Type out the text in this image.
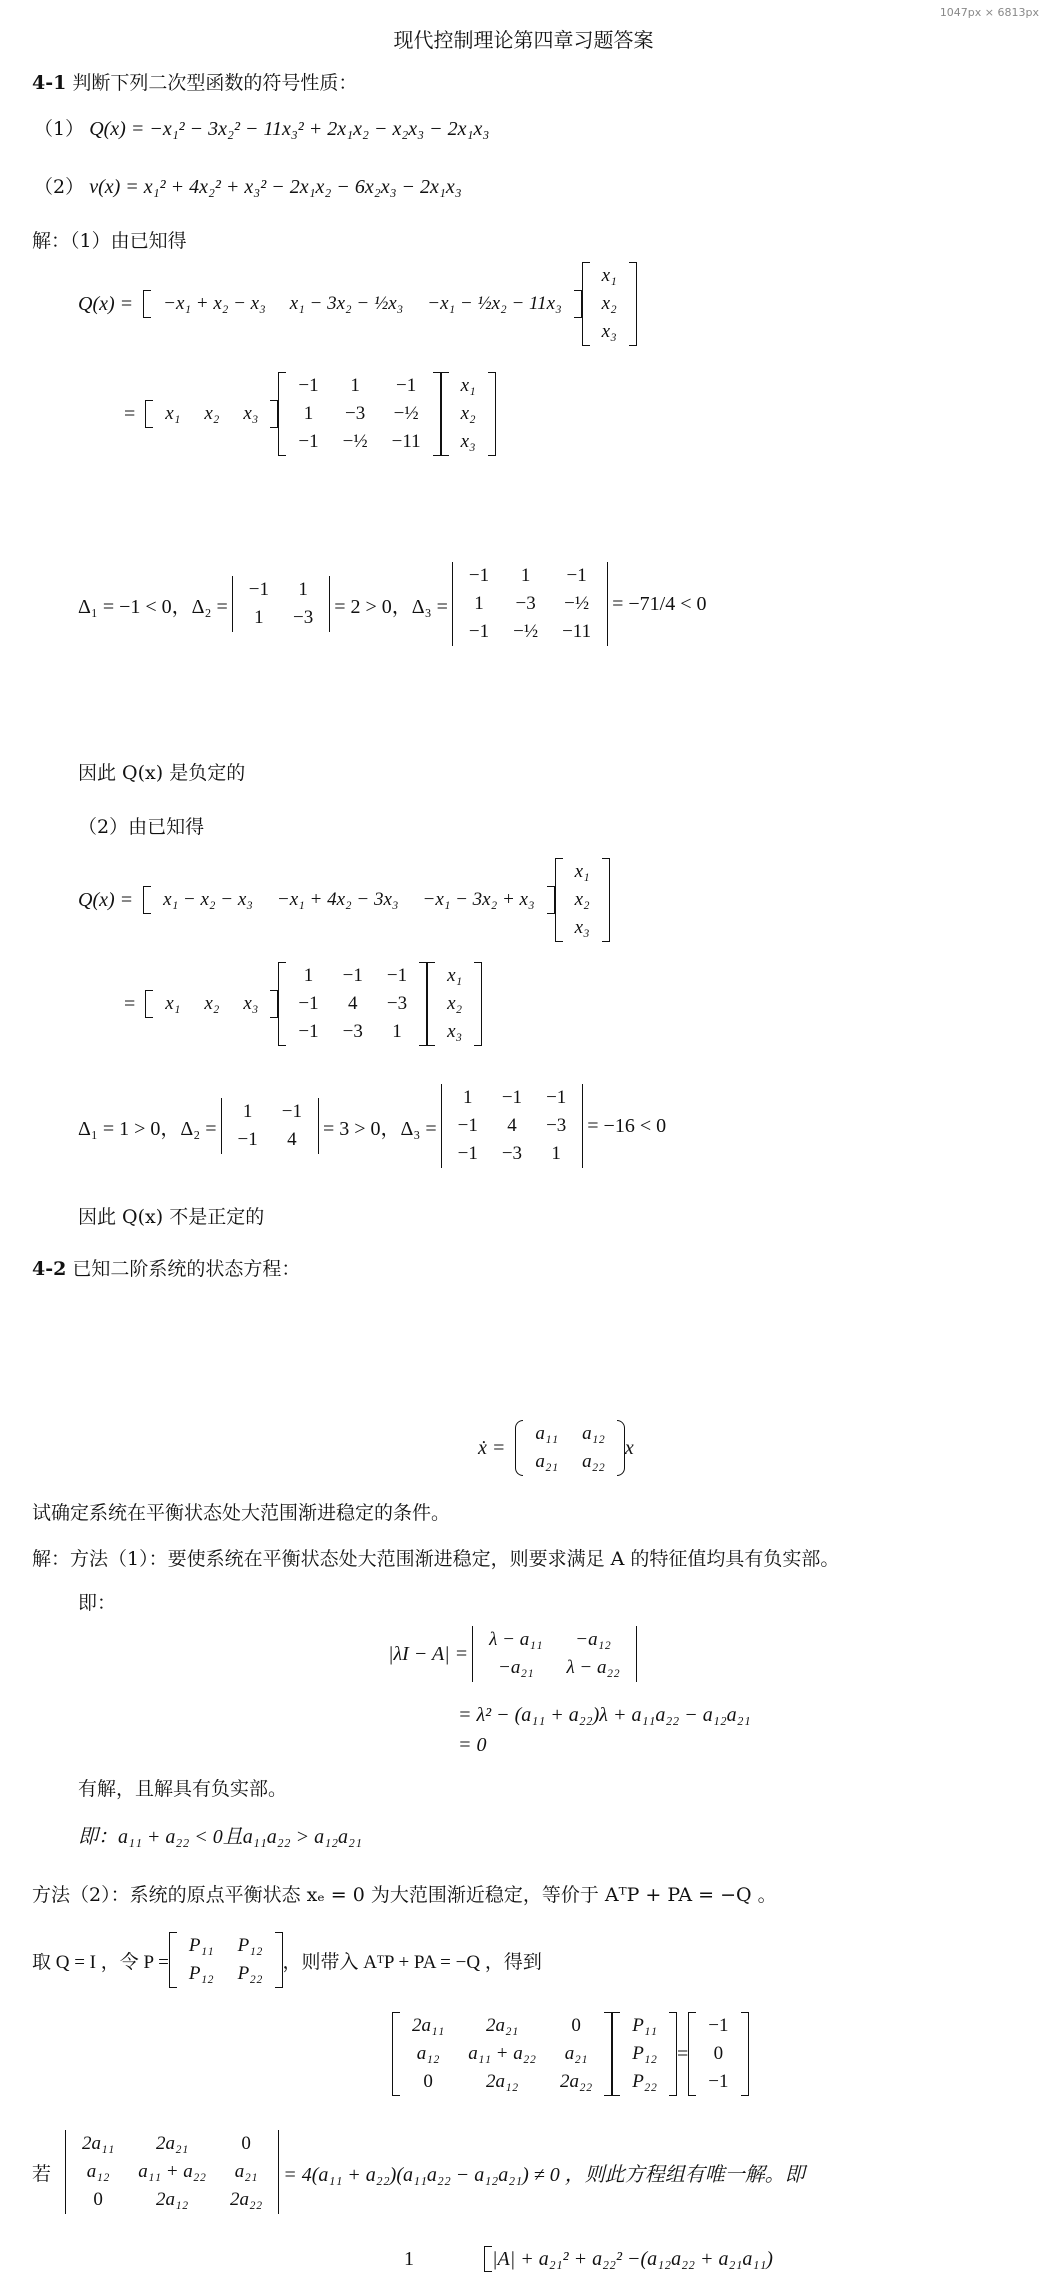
1047px × 6813px
现代控制理论第四章习题答案
4-1 判断下列二次型函数的符号性质：
（1） Q(x) = −x₁² − 3x₂² − 11x₃² + 2x₁x₂ − x₂x₃ − 2x₁x₃
（2） v(x) = x₁² + 4x₂² + x₃² − 2x₁x₂ − 6x₂x₃ − 2x₁x₃
解：（1）由已知得
Q(x) = −x₁ + x₂ − x₃	x₁ − 3x₂ − ½x₃	−x₁ − ½x₂ − 11x₃
x₁
x₂
x₃
= x₁	x₂	x₃
−1	1	−1
1	−3	−½
−1	−½	−11
x₁
x₂
x₃
Δ₁ = −1 < 0，Δ₂ =
−1	1
1	−3 = 2 > 0，Δ₃ =
−1	1	−1
1	−3	−½
−1	−½	−11
= −71/4 < 0
因此 Q(x) 是负定的
（2）由已知得
Q(x) = x₁ − x₂ − x₃	−x₁ + 4x₂ − 3x₃	−x₁ − 3x₂ + x₃
x₁
x₂
x₃
= x₁	x₂	x₃
1	−1	−1
−1	4	−3
−1	−3	1
x₁
x₂
x₃
Δ₁ = 1 > 0，Δ₂ =
1	−1
−1	4 = 3 > 0，Δ₃ =
1	−1	−1
−1	4	−3
−1	−3	1
= −16 < 0
因此 Q(x) 不是正定的
4-2 已知二阶系统的状态方程：
ẋ =
a₁₁	a₁₂
a₂₁	a₂₂
x
试确定系统在平衡状态处大范围渐进稳定的条件。
解：方法（1）：要使系统在平衡状态处大范围渐进稳定，则要求满足 A 的特征值均具有负实部。
即：
|λI − A| =
λ − a₁₁	−a₁₂
−a₂₁	λ − a₂₂
= λ² − (a₁₁ + a₂₂)λ + a₁₁a₂₂ − a₁₂a₂₁
= 0
有解，且解具有负实部。
即：a₁₁ + a₂₂ < 0且a₁₁a₂₂ > a₁₂a₂₁
方法（2）：系统的原点平衡状态 xₑ = 0 为大范围渐近稳定，等价于 AᵀP + PA = −Q 。
取 Q = I ，令 P =
P₁₁	P₁₂
P₁₂	P₂₂
，则带入 AᵀP + PA = −Q ，得到
2a₁₁	2a₂₁	0
a₁₂	a₁₁ + a₂₂	a₂₁
0	2a₁₂	2a₂₂
P₁₁
P₁₂
P₂₂
=
−1
0
−1
若
2a₁₁	2a₂₁	0
a₁₂	a₁₁ + a₂₂	a₂₁
0	2a₁₂	2a₂₂
= 4(a₁₁ + a₂₂)(a₁₁a₂₂ − a₁₂a₂₁) ≠ 0 ，则此方程组有唯一解。即
1	|A| + a₂₁² + a₂₂² −(a₁₂a₂₂ + a₂₁a₁₁)
